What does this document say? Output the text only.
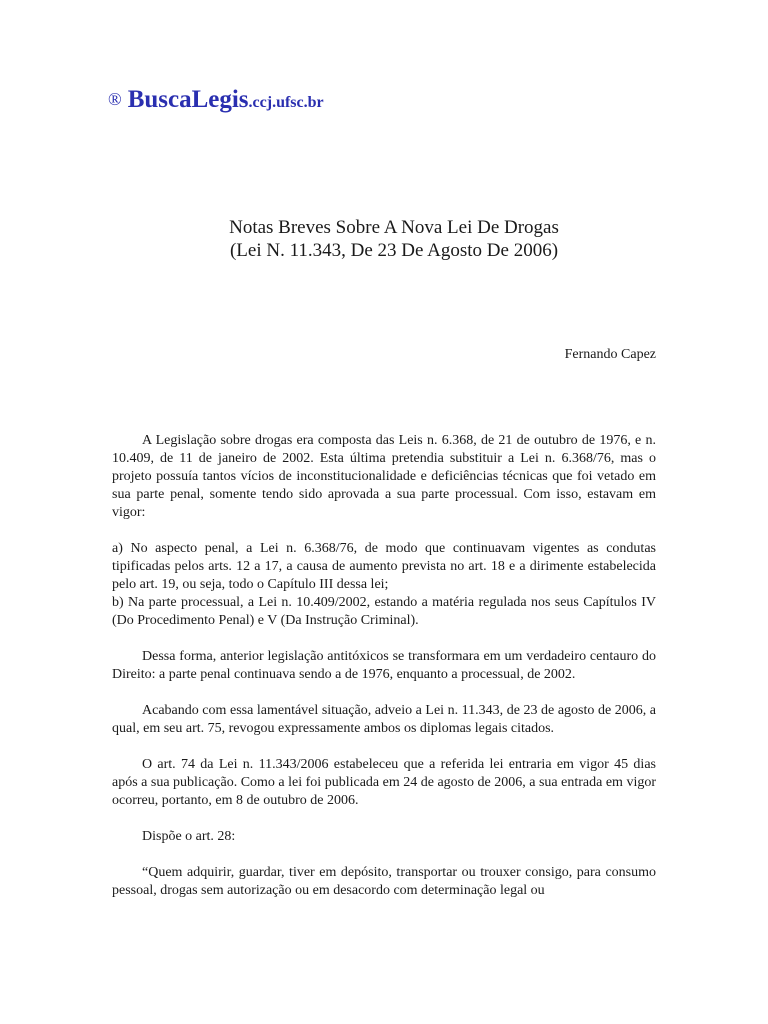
® BuscaLegis.ccj.ufsc.br
Notas Breves Sobre A Nova Lei De Drogas
(Lei N. 11.343, De 23 De Agosto De 2006)
Fernando Capez

A Legislação sobre drogas era composta das Leis n. 6.368, de 21 de outubro de 1976, e n. 10.409, de 11 de janeiro de 2002. Esta última pretendia substituir a Lei n. 6.368/76, mas o projeto possuía tantos vícios de inconstitucionalidade e deficiências técnicas que foi vetado em sua parte penal, somente tendo sido aprovada a sua parte processual. Com isso, estavam em vigor:

a) No aspecto penal, a Lei n. 6.368/76, de modo que continuavam vigentes as condutas tipificadas pelos arts. 12 a 17, a causa de aumento prevista no art. 18 e a dirimente estabelecida pelo art. 19, ou seja, todo o Capítulo III dessa lei;
b) Na parte processual, a Lei n. 10.409/2002, estando a matéria regulada nos seus Capítulos IV (Do Procedimento Penal) e V (Da Instrução Criminal).

Dessa forma, anterior legislação antitóxicos se transformara em um verdadeiro centauro do Direito: a parte penal continuava sendo a de 1976, enquanto a processual, de 2002.

Acabando com essa lamentável situação, adveio a Lei n. 11.343, de 23 de agosto de 2006, a qual, em seu art. 75, revogou expressamente ambos os diplomas legais citados.

O art. 74 da Lei n. 11.343/2006 estabeleceu que a referida lei entraria em vigor 45 dias após a sua publicação. Como a lei foi publicada em 24 de agosto de 2006, a sua entrada em vigor ocorreu, portanto, em 8 de outubro de 2006.

Dispõe o art. 28:

“Quem adquirir, guardar, tiver em depósito, transportar ou trouxer consigo, para consumo pessoal, drogas sem autorização ou em desacordo com determinação legal ou
